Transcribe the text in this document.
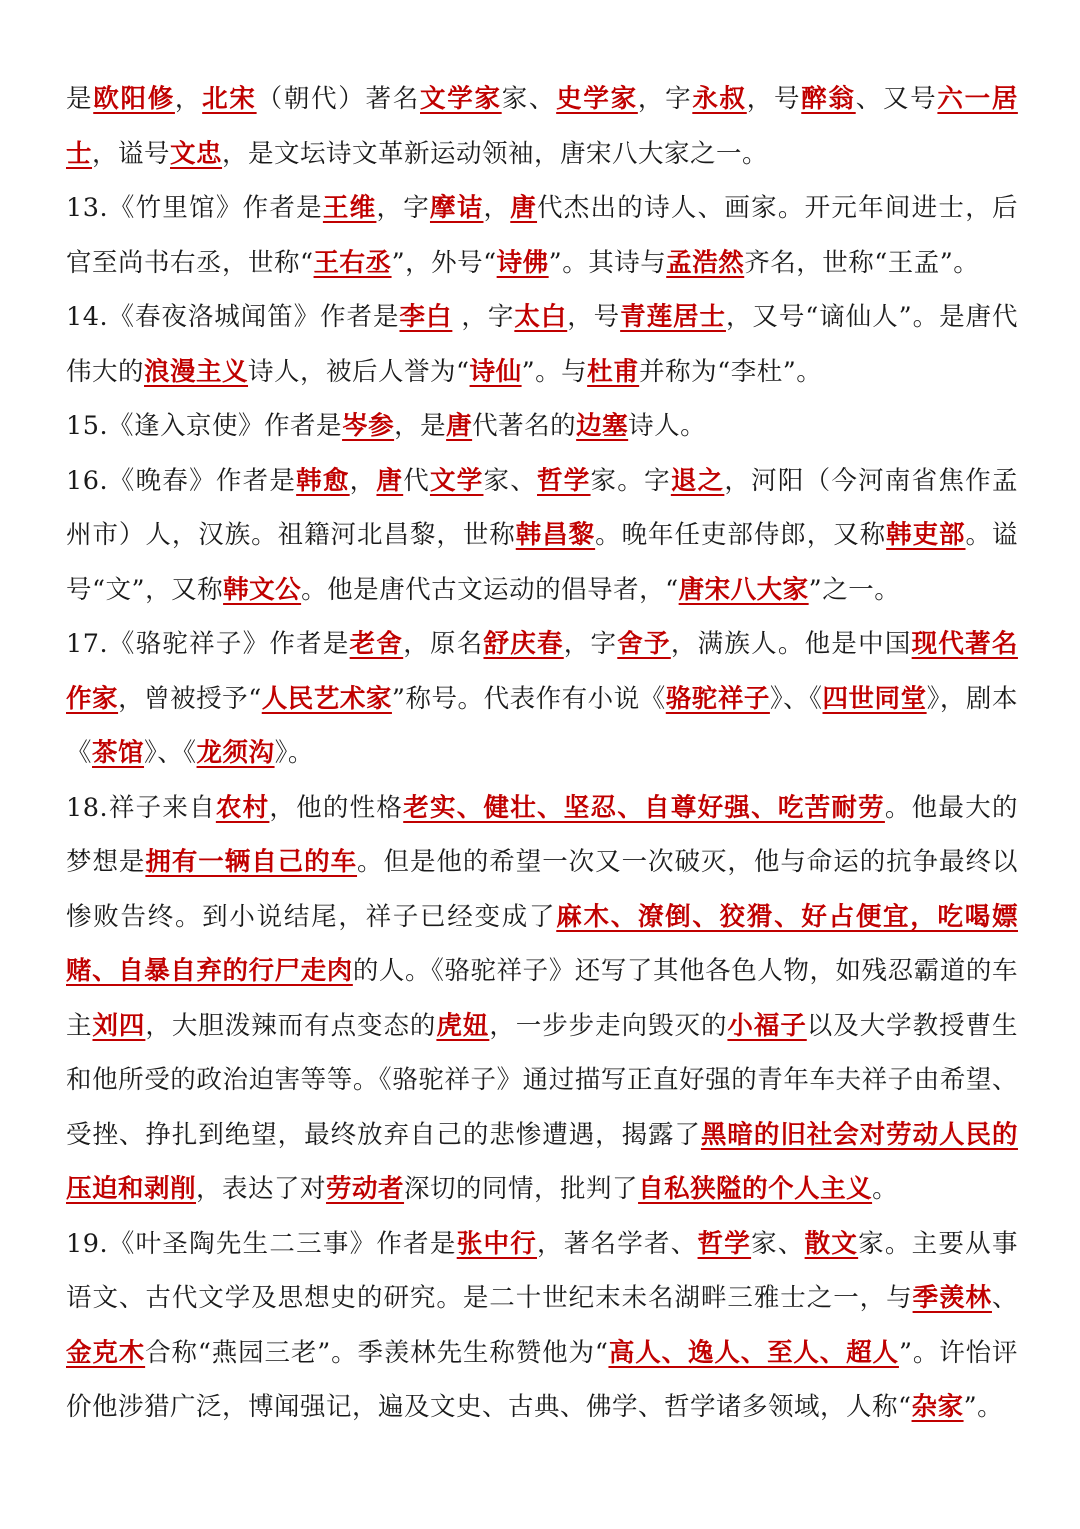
是欧阳修，北宋（朝代）著名文学家家、史学家，字永叔，号醉翁、又号六一居士，谥号文忠，是文坛诗文革新运动领袖，唐宋八大家之一。

13.《竹里馆》作者是王维，字摩诘，唐代杰出的诗人、画家。开元年间进士，后官至尚书右丞，世称“王右丞”，外号“诗佛”。其诗与孟浩然齐名，世称“王孟”。

14.《春夜洛城闻笛》作者是李白 ，字太白，号青莲居士，又号“谪仙人”。是唐代伟大的浪漫主义诗人，被后人誉为“诗仙”。与杜甫并称为“李杜”。

15.《逢入京使》作者是岑参，是唐代著名的边塞诗人。

16.《晚春》作者是韩愈，唐代文学家、哲学家。字退之，河阳（今河南省焦作孟州市）人，汉族。祖籍河北昌黎，世称韩昌黎。晚年任吏部侍郎，又称韩吏部。谥号“文”，又称韩文公。他是唐代古文运动的倡导者，“唐宋八大家”之一。

17.《骆驼祥子》作者是老舍，原名舒庆春，字舍予，满族人。他是中国现代著名作家，曾被授予“人民艺术家”称号。代表作有小说《骆驼祥子》、《四世同堂》，剧本《茶馆》、《龙须沟》。

18.祥子来自农村，他的性格老实、健壮、坚忍、自尊好强、吃苦耐劳。他最大的梦想是拥有一辆自己的车。但是他的希望一次又一次破灭，他与命运的抗争最终以惨败告终。到小说结尾，祥子已经变成了麻木、潦倒、狡猾、好占便宜，吃喝嫖赌、自暴自弃的行尸走肉的人。《骆驼祥子》还写了其他各色人物，如残忍霸道的车主刘四，大胆泼辣而有点变态的虎妞，一步步走向毁灭的小福子以及大学教授曹生和他所受的政治迫害等等。《骆驼祥子》通过描写正直好强的青年车夫祥子由希望、受挫、挣扎到绝望，最终放弃自己的悲惨遭遇，揭露了黑暗的旧社会对劳动人民的压迫和剥削，表达了对劳动者深切的同情，批判了自私狭隘的个人主义。

19.《叶圣陶先生二三事》作者是张中行，著名学者、哲学家、散文家。主要从事语文、古代文学及思想史的研究。是二十世纪末未名湖畔三雅士之一，与季羡林、金克木合称“燕园三老”。季羡林先生称赞他为“高人、逸人、至人、超人”。许怡评价他涉猎广泛，博闻强记，遍及文史、古典、佛学、哲学诸多领域，人称“杂家”。
